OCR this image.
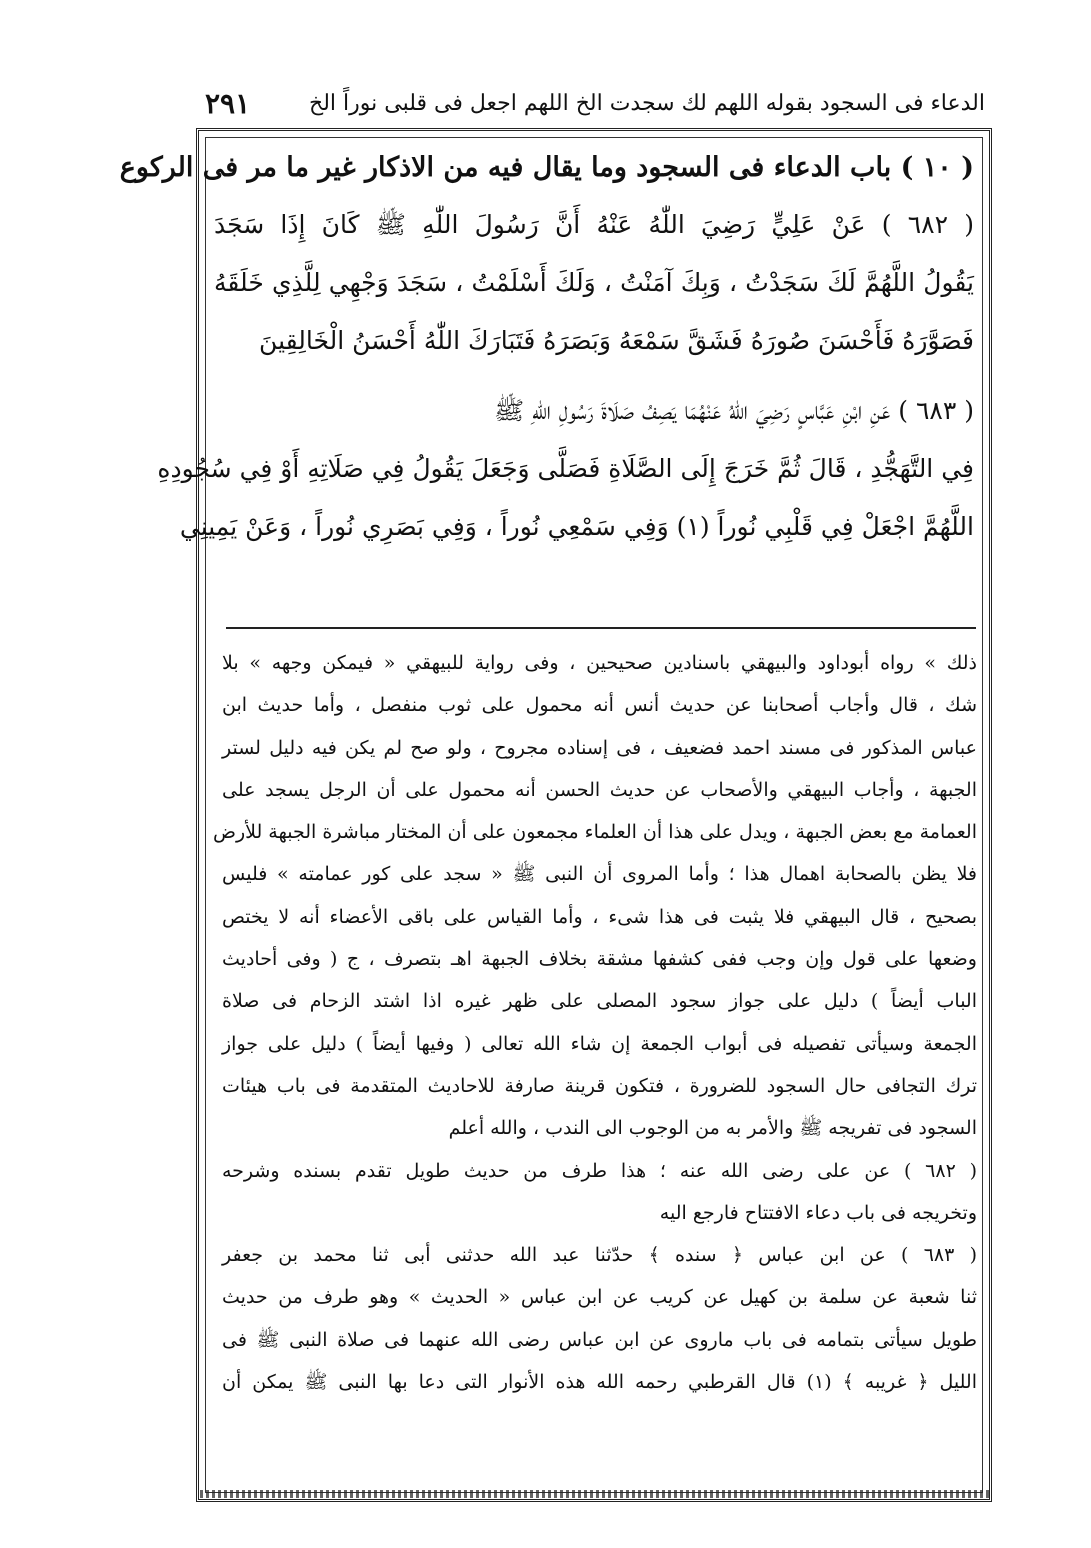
الدعاء فى السجود بقوله اللهم لك سجدت الخ اللهم اجعل فى قلبى نوراً الخ
٢٩١
( ١٠ ) باب الدعاء فى السجود وما يقال فيه من الاذكار غير ما مر فى الركوع
( ٦٨٢ ) عَنْ عَلِيٍّ رَضِيَ اللّٰهُ عَنْهُ أَنَّ رَسُولَ اللّٰهِ ﷺ كَانَ إِذَا سَجَدَ
يَقُولُ اللَّهُمَّ لَكَ سَجَدْتُ ، وَبِكَ آمَنْتُ ، وَلَكَ أَسْلَمْتُ ، سَجَدَ وَجْهِي لِلَّذِي خَلَقَهُ
فَصَوَّرَهُ فَأَحْسَنَ صُورَهُ فَشَقَّ سَمْعَهُ وَبَصَرَهُ فَتَبَارَكَ اللّٰهُ أَحْسَنُ الْخَالِقِينَ
( ٦٨٣ ) عَنِ ابْنِ عَبَّاسٍ رَضِيَ اللّٰهُ عَنْهُمَا يَصِفُ صَلَاةَ رَسُولِ اللّٰهِ ﷺ
فِي التَّهَجُّدِ ، قَالَ ثُمَّ خَرَجَ إِلَى الصَّلَاةِ فَصَلَّى وَجَعَلَ يَقُولُ فِي صَلَاتِهِ أَوْ فِي سُجُودِهِ
اللَّهُمَّ اجْعَلْ فِي قَلْبِي نُوراً (١) وَفِي سَمْعِي نُوراً ، وَفِي بَصَرِي نُوراً ، وَعَنْ يَمِينِي
ذلك » رواه أبوداود والبيهقي باسنادين صحيحين ، وفى رواية للبيهقي « فيمكن وجهه » بلا
شك ، قال وأجاب أصحابنا عن حديث أنس أنه محمول على ثوب منفصل ، وأما حديث ابن
عباس المذكور فى مسند احمد فضعيف ، فى إسناده مجروح ، ولو صح لم يكن فيه دليل لستر
الجبهة ، وأجاب البيهقي والأصحاب عن حديث الحسن أنه محمول على أن الرجل يسجد على
العمامة مع بعض الجبهة ، ويدل على هذا أن العلماء مجمعون على أن المختار مباشرة الجبهة للأرض
فلا يظن بالصحابة اهمال هذا ؛ وأما المروى أن النبى ﷺ « سجد على كور عمامته » فليس
بصحيح ، قال البيهقي فلا يثبت فى هذا شىء ، وأما القياس على باقى الأعضاء أنه لا يختص
وضعها على قول وإن وجب ففى كشفها مشقة بخلاف الجبهة اهـ بتصرف ، ج ( وفى أحاديث
الباب أيضاً ) دليل على جواز سجود المصلى على ظهر غيره اذا اشتد الزحام فى صلاة
الجمعة وسيأتى تفصيله فى أبواب الجمعة إن شاء الله تعالى ( وفيها أيضاً ) دليل على جواز
ترك التجافى حال السجود للضرورة ، فتكون قرينة صارفة للاحاديث المتقدمة فى باب هيئات
السجود فى تفريجه ﷺ والأمر به من الوجوب الى الندب ، والله أعلم
( ٦٨٢ ) عن على رضى الله عنه ؛ هذا طرف من حديث طويل تقدم بسنده وشرحه
وتخريجه فى باب دعاء الافتتاح فارجع اليه
( ٦٨٣ ) عن ابن عباس ﴿ سنده ﴾ حدّثنا عبد الله حدثنى أبى ثنا محمد بن جعفر
ثنا شعبة عن سلمة بن كهيل عن كريب عن ابن عباس « الحديث » وهو طرف من حديث
طويل سيأتى بتمامه فى باب ماروى عن ابن عباس رضى الله عنهما فى صلاة النبى ﷺ فى
الليل ﴿ غريبه ﴾ (١) قال القرطبي رحمه الله هذه الأنوار التى دعا بها النبى ﷺ يمكن أن
